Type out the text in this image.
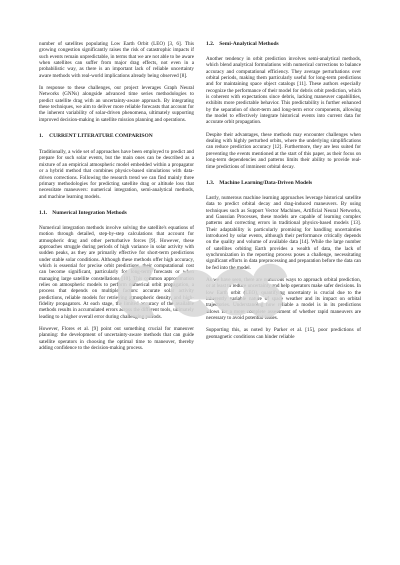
number of satellites populating Low Earth Orbit (LEO) [3, 6]. This growing congestion significantly raises the risk of catastrophic impacts if such events remain unpredictable, in terms that we are not able to be aware when satellites can suffer from major drag effects, not even in a probabilistic way, as there is an important lack of reliable uncertainty aware methods with real-world implications already being observed [8].

In response to these challenges, our project leverages Graph Neural Networks (GNNs) alongside advanced time series methodologies to predict satellite drag with an uncertainty-aware approach. By integrating these techniques, we aim to deliver more reliable forecasts that account for the inherent variability of solar-driven phenomena, ultimately supporting improved decision-making in satellite mission planning and operations.

1. CURRENT LITERATURE COMPARISON

Traditionally, a wide set of approaches have been employed to predict and prepare for such solar events, but the main ones can be described as a mixture of an empirical atmospheric model embedded within a propagator or a hybrid method that combines physics-based simulations with data-driven corrections. Following the research trend we can find mainly three primary methodologies for predicting satellite drag or altitude loss that necessitate maneuvers: numerical integration, semi-analytical methods, and machine learning models.

1.1. Numerical Integration Methods

Numerical integration methods involve solving the satellite's equations of motion through detailed, step-by-step calculations that account for atmospheric drag and other perturbative forces [9]. However, these approaches struggle during periods of high variance in solar activity with sudden peaks, as they are primarily effective for short-term predictions under stable solar conditions. Although these methods offer high accuracy, which is essential for precise orbit predictions, their computational cost can become significant, particularly for long-term forecasts or when managing large satellite constellations [10]. This common approximation relies on atmospheric models to perform numerical orbit propagation, a process that depends on multiple factors: accurate solar activity predictions, reliable models for retrieving atmospheric density, and high-fidelity propagators. At each stage, the limited accuracy of the available methods results in accumulated errors across the different tools, ultimately leading to a higher overall error during challenging periods.

However, Flores et al. [9] point out something crucial for maneuver planning: the development of uncertainty-aware methods that can guide satellite operators in choosing the optimal time to maneuver, thereby adding confidence to the decision-making process.

1.2. Semi-Analytical Methods

Another tendency in orbit prediction involves semi-analytical methods, which blend analytical formulations with numerical corrections to balance accuracy and computational efficiency. They average perturbations over orbital periods, making them particularly useful for long-term predictions and for maintaining space object catalogs [11]. These authors especially recognize the performance of their model for debris orbit prediction, which is coherent with expectations since debris, lacking maneuver capabilities, exhibits more predictable behavior. This predictability is further enhanced by the separation of short-term and long-term error components, allowing the model to effectively integrate historical events into current data for accurate orbit propagation.

Despite their advantages, these methods may encounter challenges when dealing with highly perturbed orbits, where the underlying simplifications can reduce prediction accuracy [12]. Furthermore, they are less suited for preventing the events mentioned at the start of this paper, as their focus on long-term dependencies and patterns limits their ability to provide real-time predictions of imminent orbital decay.

1.3. Machine Learning/Data-Driven Models

Lastly, numerous machine learning approaches leverage historical satellite data to predict orbital decay and drag-induced maneuvers. By using techniques such as Support Vector Machines, Artificial Neural Networks, and Gaussian Processes, these models are capable of learning complex patterns and correcting errors in traditional physics-based models [13]. Their adaptability is particularly promising for handling uncertainties introduced by solar events, although their performance critically depends on the quality and volume of available data [14]. While the large number of satellites orbiting Earth provides a wealth of data, the lack of synchronization in the reporting process poses a challenge, necessitating significant efforts in data preprocessing and preparation before the data can be fed into the model.

As we have seen, there are numerous ways to approach orbital prediction, or at least to reduce uncertainty and help operators make safer decisions. In low Earth orbit (LEO), quantifying uncertainty is crucial due to the inherently variable nature of space weather and its impact on orbital trajectories. Understanding how reliable a model is in its predictions allows for a more complete assessment of whether rapid maneuvers are necessary to avoid potential issues.

Supporting this, as noted by Parker et al. [15], poor predictions of geomagnetic conditions can hinder reliable
